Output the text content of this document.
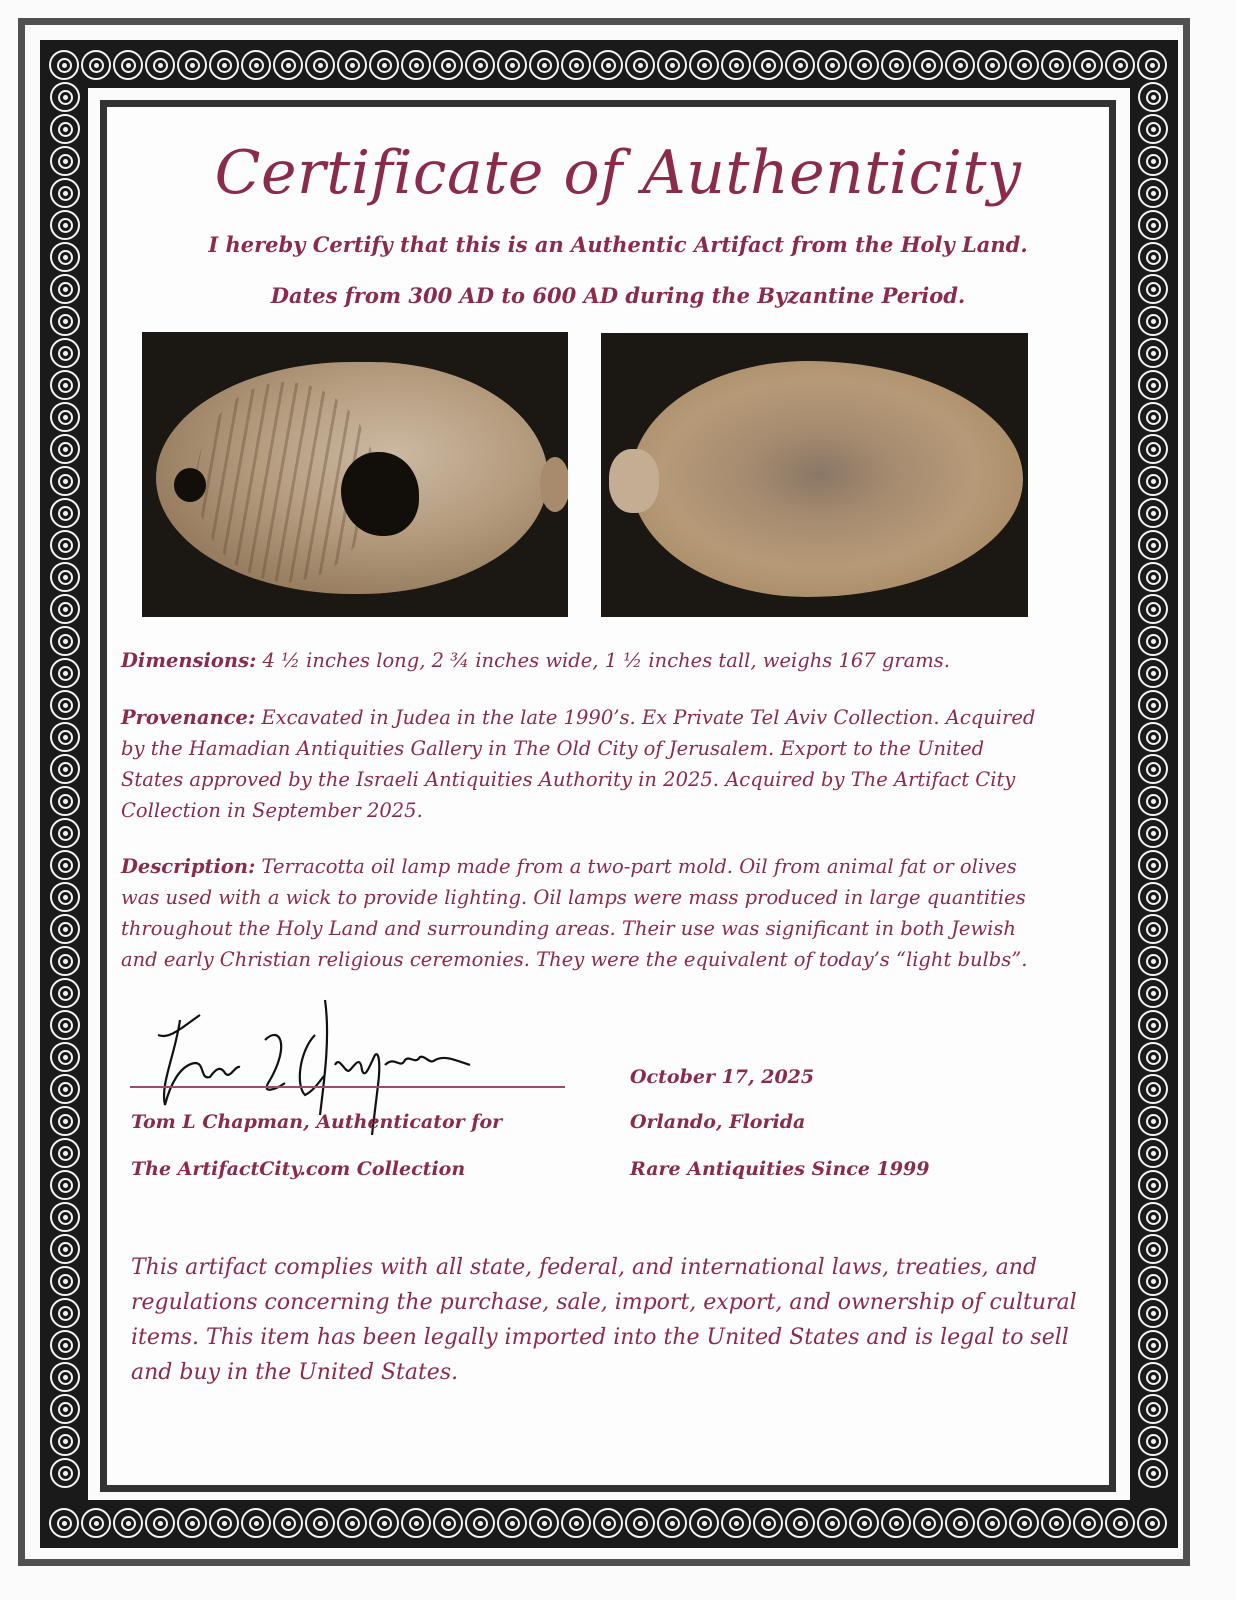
Certificate of Authenticity
I hereby Certify that this is an Authentic Artifact from the Holy Land.
Dates from 300 AD to 600 AD during the Byzantine Period.
Dimensions: 4 ½ inches long, 2 ¾ inches wide, 1 ½ inches tall, weighs 167 grams.
Provenance: Excavated in Judea in the late 1990’s. Ex Private Tel Aviv Collection. Acquired by the Hamadian Antiquities Gallery in The Old City of Jerusalem. Export to the United States approved by the Israeli Antiquities Authority in 2025. Acquired by The Artifact City Collection in September 2025.
Description: Terracotta oil lamp made from a two-part mold. Oil from animal fat or olives was used with a wick to provide lighting. Oil lamps were mass produced in large quantities throughout the Holy Land and surrounding areas. Their use was significant in both Jewish and early Christian religious ceremonies. They were the equivalent of today’s “light bulbs”.
Tom L Chapman, Authenticator for
The ArtifactCity.com Collection
October 17, 2025
Orlando, Florida
Rare Antiquities Since 1999
This artifact complies with all state, federal, and international laws, treaties, and regulations concerning the purchase, sale, import, export, and ownership of cultural items. This item has been legally imported into the United States and is legal to sell and buy in the United States.
